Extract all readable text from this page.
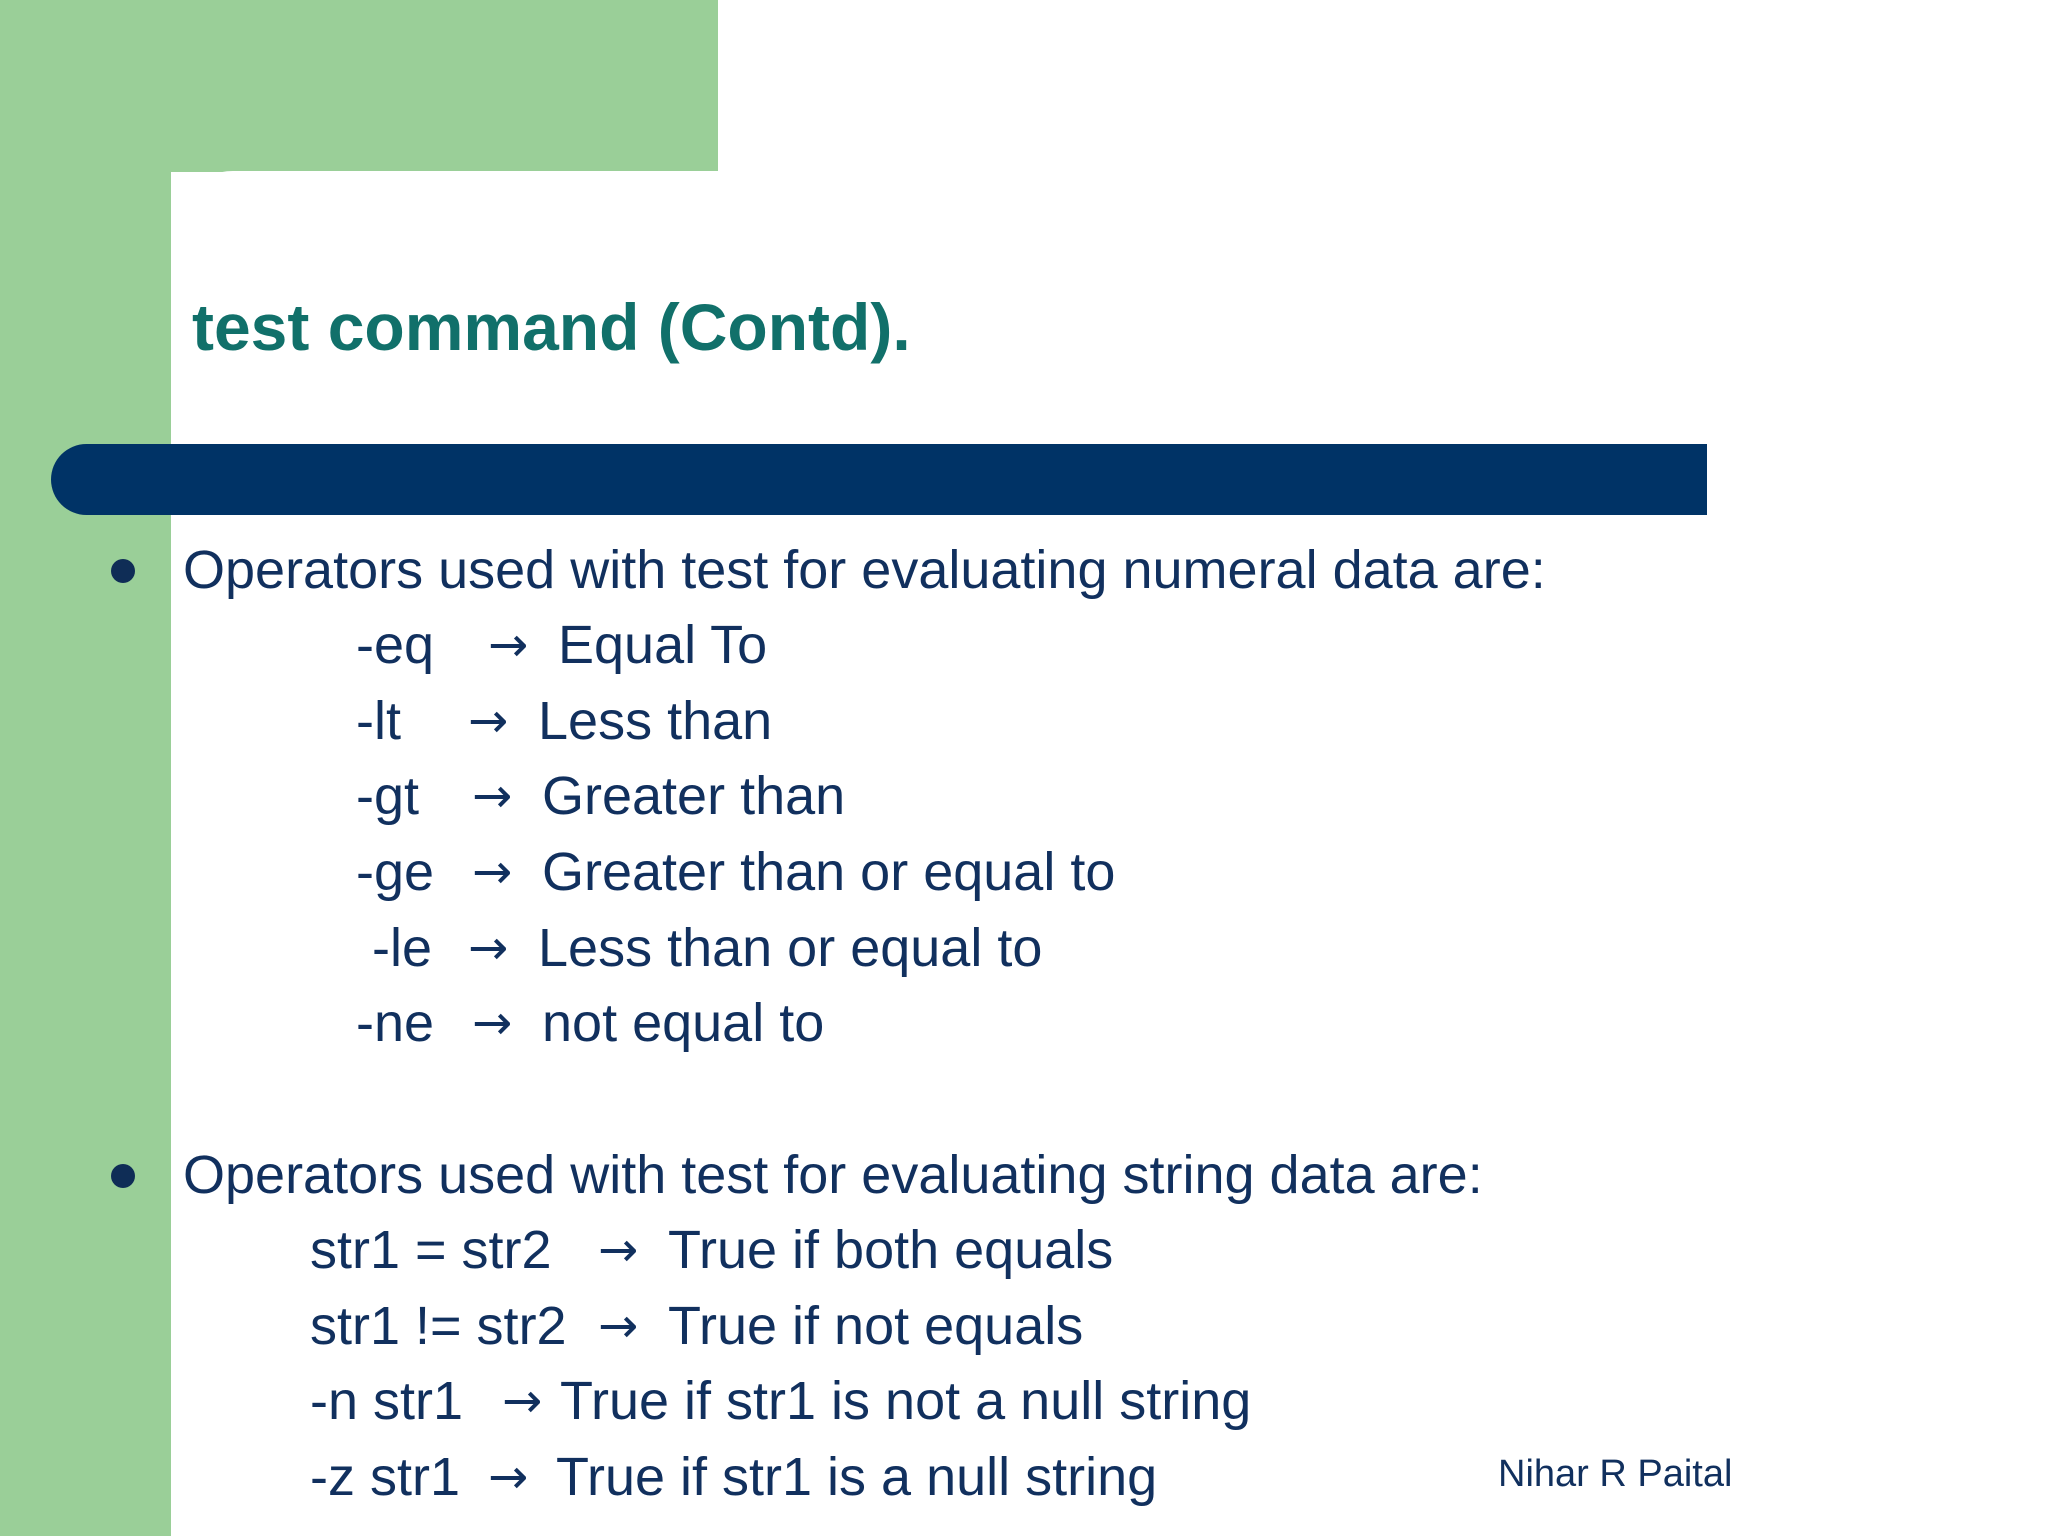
test command (Contd).

Operators used with test for evaluating numeral data are:

-eq → Equal To
-lt → Less than
-gt → Greater than
-ge → Greater than or equal to
-le → Less than or equal to
-ne → not equal to

Operators used with test for evaluating string data are:

str1 = str2 → True if both equals
str1 != str2 → True if not equals
-n str1 → True if str1 is not a null string
-z str1 → True if str1 is a null string	Nihar R Paital
